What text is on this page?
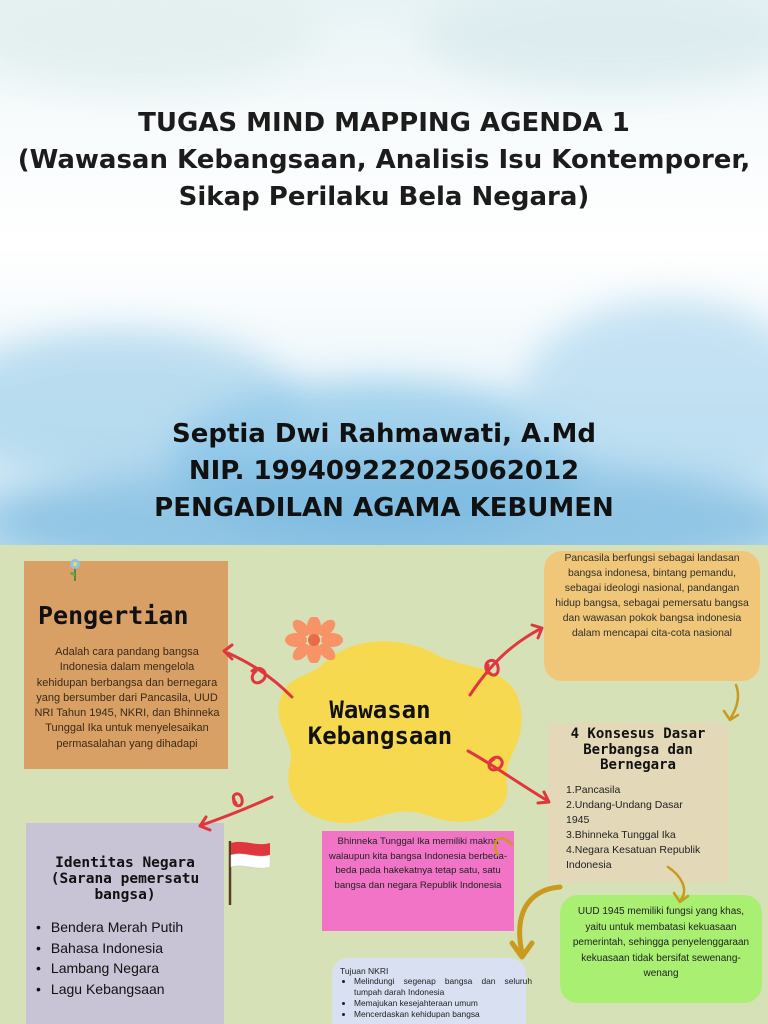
TUGAS MIND MAPPING AGENDA 1
(Wawasan Kebangsaan, Analisis Isu Kontemporer,
Sikap Perilaku Bela Negara)
Septia Dwi Rahmawati, A.Md
NIP. 199409222025062012
PENGADILAN AGAMA KEBUMEN
Wawasan
Kebangsaan
Pengertian

Adalah cara pandang bangsa Indonesia dalam mengelola kehidupan berbangsa dan bernegara yang bersumber dari Pancasila, UUD NRI Tahun 1945, NKRI, dan Bhinneka Tunggal Ika untuk menyelesaikan permasalahan yang dihadapi

Identitas Negara
(Sarana pemersatu
bangsa)
• Bendera Merah Putih
• Bahasa Indonesia
• Lambang Negara
• Lagu Kebangsaan

Pancasila berfungsi sebagai landasan bangsa indonesa, bintang pemandu, sebagai ideologi nasional, pandangan hidup bangsa, sebagai pemersatu bangsa dan wawasan pokok bangsa indonesia dalam mencapai cita-cota nasional

4 Konsesus Dasar
Berbangsa dan
Bernegara
1.Pancasila
2.Undang-Undang Dasar 1945
3.Bhinneka Tunggal Ika
4.Negara Kesatuan Republik Indonesia

Bhinneka Tunggal Ika memiliki makna walaupun kita bangsa Indonesia berbeda-beda pada hakekatnya tetap satu, satu bangsa dan negara Republik Indonesia

UUD 1945 memiliki fungsi yang khas, yaitu untuk membatasi kekuasaan pemerintah, sehingga penyelenggaraan kekuasaan tidak bersifat sewenang-wenang

Tujuan NKRI
• Melindungi segenap bangsa dan seluruh tumpah darah Indonesia
• Memajukan kesejahteraan umum
• Mencerdaskan kehidupan bangsa
